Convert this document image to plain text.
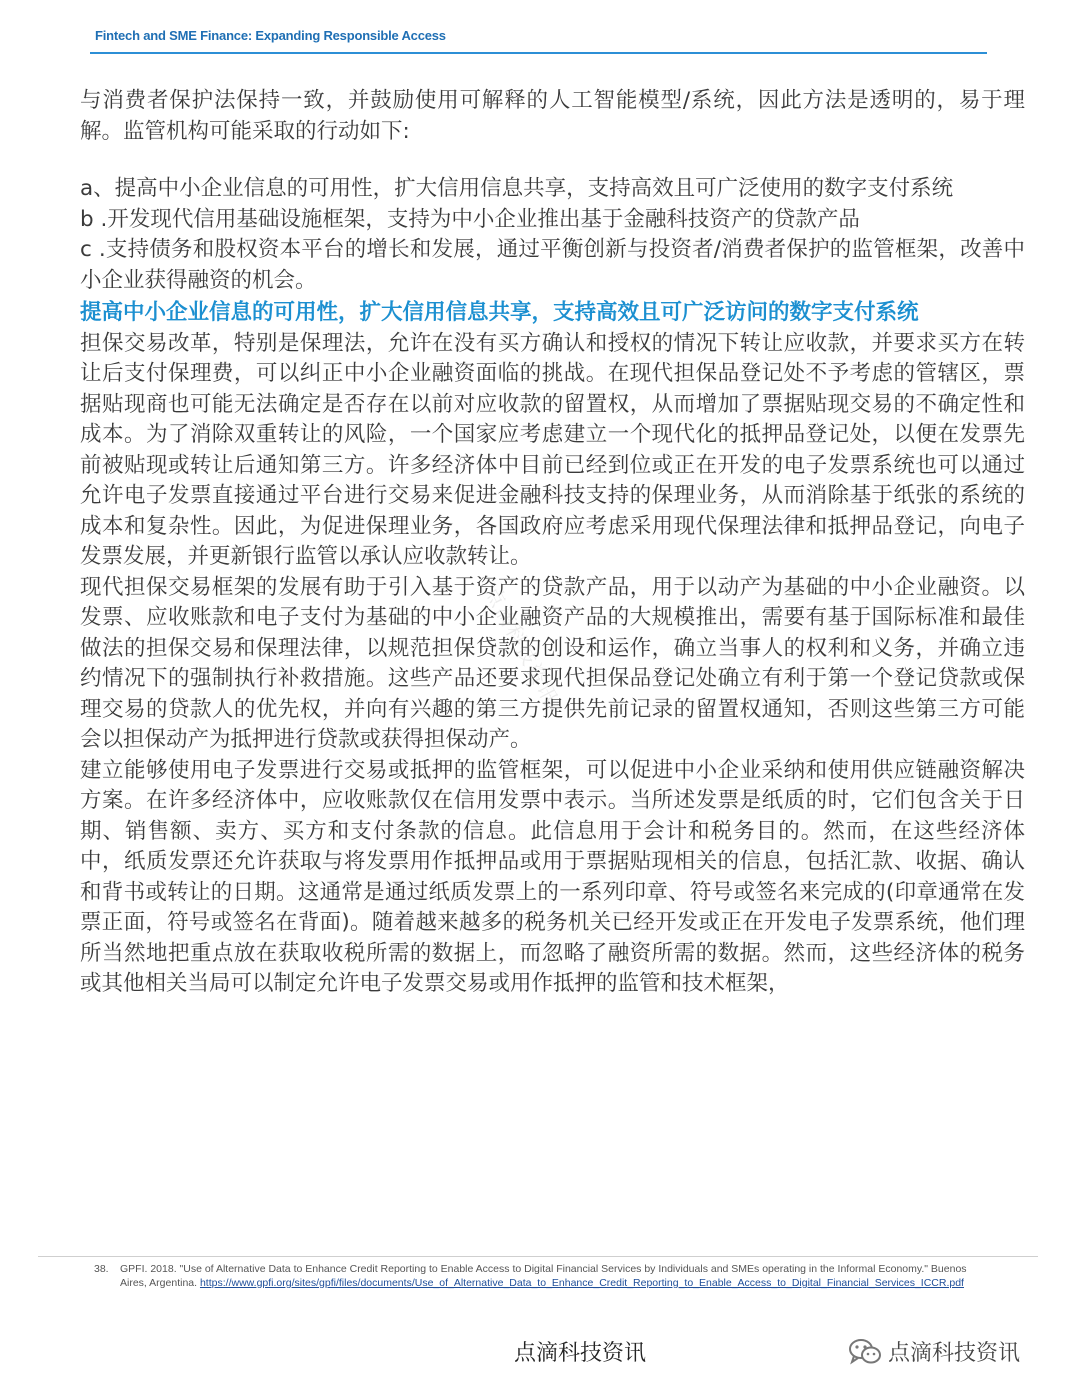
Fintech and SME Finance: Expanding Responsible Access

与消费者保护法保持一致，并鼓励使用可解释的人工智能模型/系统，因此方法是透明的，易于理解。监管机构可能采取的行动如下:

a、提高中小企业信息的可用性，扩大信用信息共享，支持高效且可广泛使用的数字支付系统

b .开发现代信用基础设施框架，支持为中小企业推出基于金融科技资产的贷款产品

c .支持债务和股权资本平台的增长和发展，通过平衡创新与投资者/消费者保护的监管框架，改善中小企业获得融资的机会。

提高中小企业信息的可用性，扩大信用信息共享，支持高效且可广泛访问的数字支付系统

担保交易改革，特别是保理法，允许在没有买方确认和授权的情况下转让应收款，并要求买方在转让后支付保理费，可以纠正中小企业融资面临的挑战。在现代担保品登记处不予考虑的管辖区，票据贴现商也可能无法确定是否存在以前对应收款的留置权，从而增加了票据贴现交易的不确定性和成本。为了消除双重转让的风险，一个国家应考虑建立一个现代化的抵押品登记处，以便在发票先前被贴现或转让后通知第三方。许多经济体中目前已经到位或正在开发的电子发票系统也可以通过允许电子发票直接通过平台进行交易来促进金融科技支持的保理业务，从而消除基于纸张的系统的成本和复杂性。因此，为促进保理业务，各国政府应考虑采用现代保理法律和抵押品登记，向电子发票发展，并更新银行监管以承认应收款转让。

现代担保交易框架的发展有助于引入基于资产的贷款产品，用于以动产为基础的中小企业融资。以发票、应收账款和电子支付为基础的中小企业融资产品的大规模推出，需要有基于国际标准和最佳做法的担保交易和保理法律，以规范担保贷款的创设和运作，确立当事人的权利和义务，并确立违约情况下的强制执行补救措施。这些产品还要求现代担保品登记处确立有利于第一个登记贷款或保理交易的贷款人的优先权，并向有兴趣的第三方提供先前记录的留置权通知，否则这些第三方可能会以担保动产为抵押进行贷款或获得担保动产。

建立能够使用电子发票进行交易或抵押的监管框架，可以促进中小企业采纳和使用供应链融资解决方案。在许多经济体中，应收账款仅在信用发票中表示。当所述发票是纸质的时，它们包含关于日期、销售额、卖方、买方和支付条款的信息。此信息用于会计和税务目的。然而，在这些经济体中，纸质发票还允许获取与将发票用作抵押品或用于票据贴现相关的信息，包括汇款、收据、确认和背书或转让的日期。这通常是通过纸质发票上的一系列印章、符号或签名来完成的(印章通常在发票正面，符号或签名在背面)。随着越来越多的税务机关已经开发或正在开发电子发票系统，他们理所当然地把重点放在获取收税所需的数据上，而忽略了融资所需的数据。然而，这些经济体的税务或其他相关当局可以制定允许电子发票交易或用作抵押的监管和技术框架，

点滴科技资讯
38. GPFI. 2018. "Use of Alternative Data to Enhance Credit Reporting to Enable Access to Digital Financial Services by Individuals and SMEs operating in the Informal Economy." Buenos Aires, Argentina. https://www.gpfi.org/sites/gpfi/files/documents/Use_of_Alternative_Data_to_Enhance_Credit_Reporting_to_Enable_Access_to_Digital_Financial_Services_ICCR.pdf
点滴科技资讯	点滴科技资讯
